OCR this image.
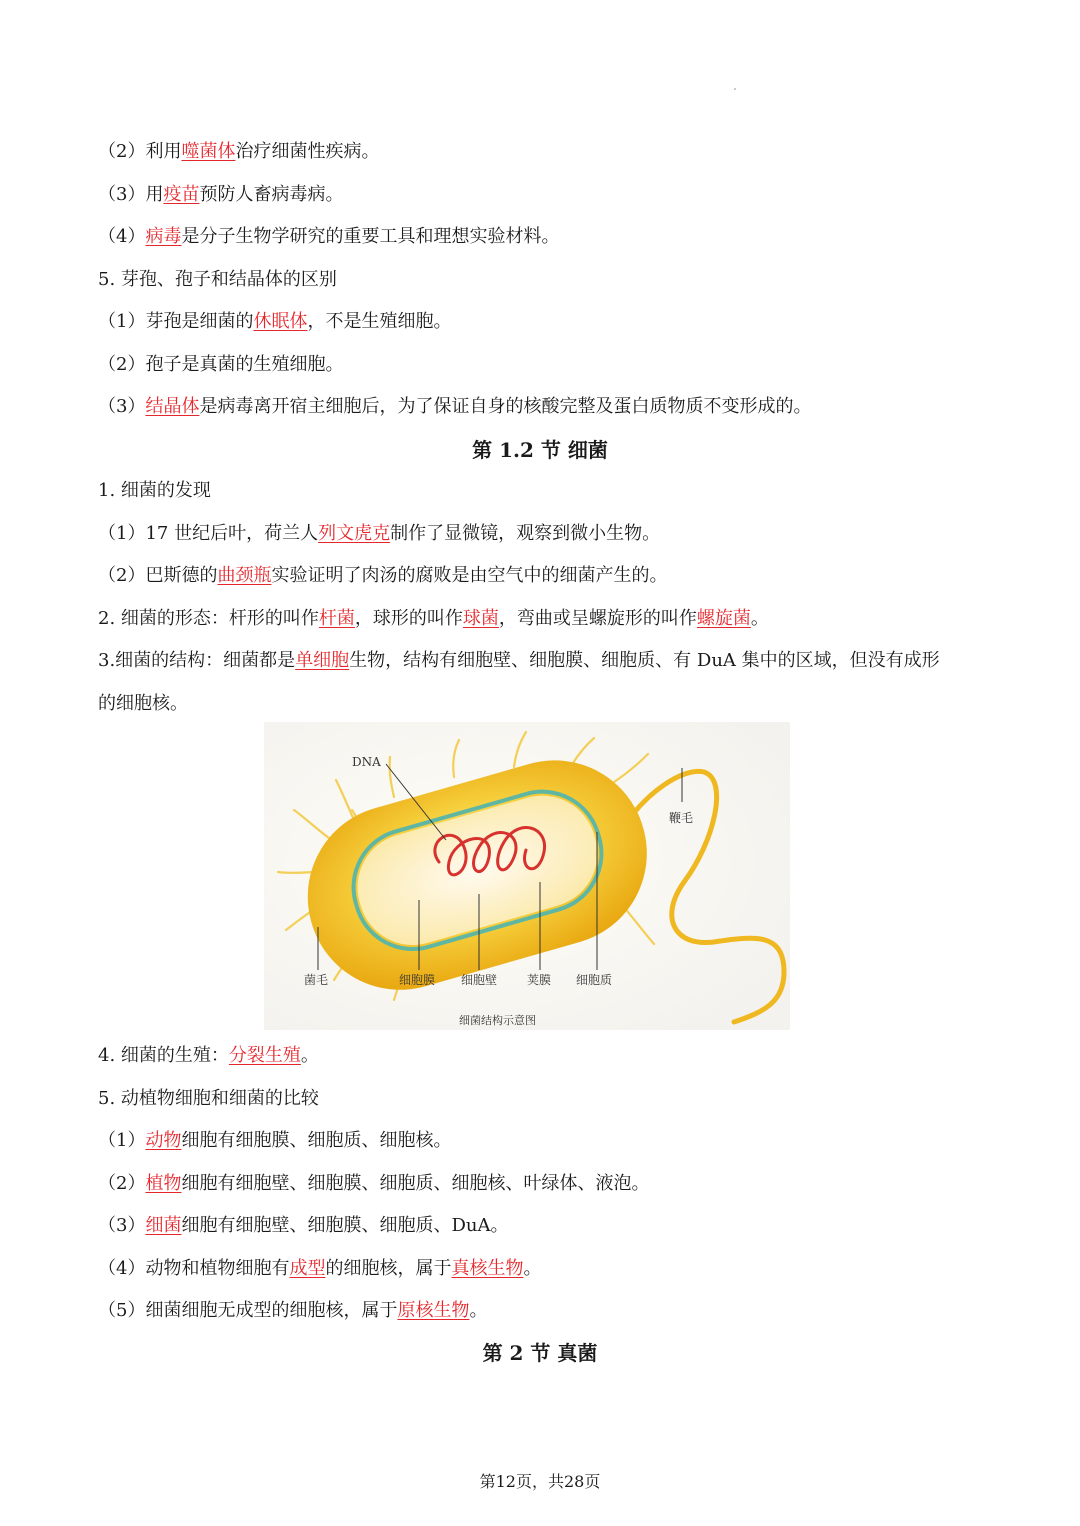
（2）利用噬菌体治疗细菌性疾病。
（3）用疫苗预防人畜病毒病。
（4）病毒是分子生物学研究的重要工具和理想实验材料。
5. 芽孢、孢子和结晶体的区别
（1）芽孢是细菌的休眠体，不是生殖细胞。
（2）孢子是真菌的生殖细胞。
（3）结晶体是病毒离开宿主细胞后，为了保证自身的核酸完整及蛋白质物质不变形成的。
第 1.2 节 细菌
1. 细菌的发现
（1）17 世纪后叶，荷兰人列文虎克制作了显微镜，观察到微小生物。
（2）巴斯德的曲颈瓶实验证明了肉汤的腐败是由空气中的细菌产生的。
2. 细菌的形态：杆形的叫作杆菌，球形的叫作球菌，弯曲或呈螺旋形的叫作螺旋菌。
3.细菌的结构：细菌都是单细胞生物，结构有细胞壁、细胞膜、细胞质、有 DuA 集中的区域，但没有成形
的细胞核。
DNA
鞭毛
菌毛	细胞膜 细胞壁 荚膜 细胞质
细菌结构示意图
4. 细菌的生殖：分裂生殖。
5. 动植物细胞和细菌的比较
（1）动物细胞有细胞膜、细胞质、细胞核。
（2）植物细胞有细胞壁、细胞膜、细胞质、细胞核、叶绿体、液泡。
（3）细菌细胞有细胞壁、细胞膜、细胞质、DuA。
（4）动物和植物细胞有成型的细胞核，属于真核生物。
（5）细菌细胞无成型的细胞核，属于原核生物。
第 2 节 真菌
第12页，共28页
